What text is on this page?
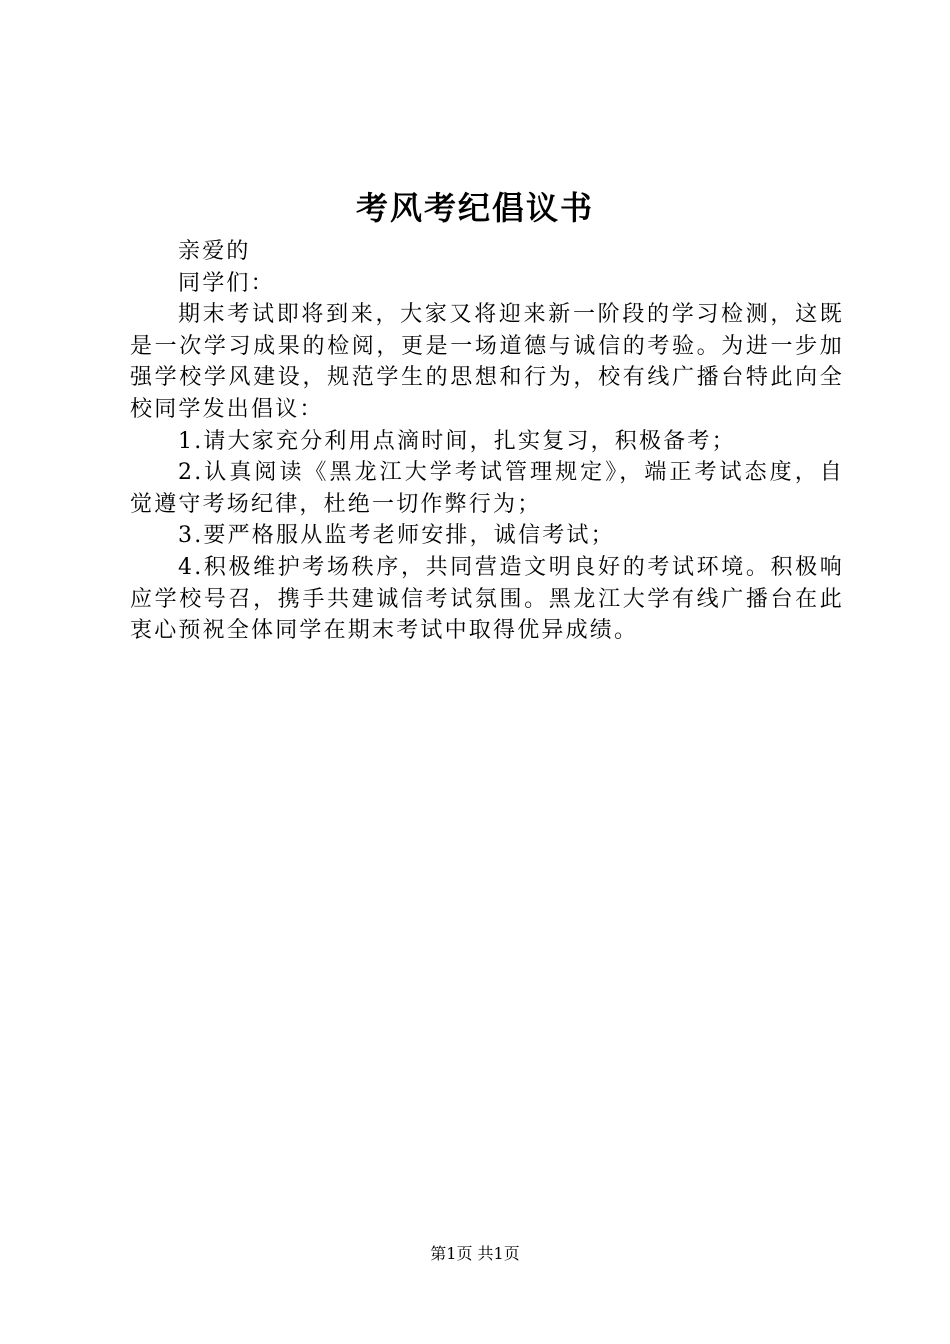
考风考纪倡议书

亲爱的

同学们：

期末考试即将到来，大家又将迎来新一阶段的学习检测，这既是一次学习成果的检阅，更是一场道德与诚信的考验。为进一步加强学校学风建设，规范学生的思想和行为，校有线广播台特此向全校同学发出倡议：

1.请大家充分利用点滴时间，扎实复习，积极备考；

2.认真阅读《黑龙江大学考试管理规定》，端正考试态度，自觉遵守考场纪律，杜绝一切作弊行为；

3.要严格服从监考老师安排，诚信考试；

4.积极维护考场秩序，共同营造文明良好的考试环境。积极响应学校号召，携手共建诚信考试氛围。黑龙江大学有线广播台在此衷心预祝全体同学在期末考试中取得优异成绩。

第1页 共1页
